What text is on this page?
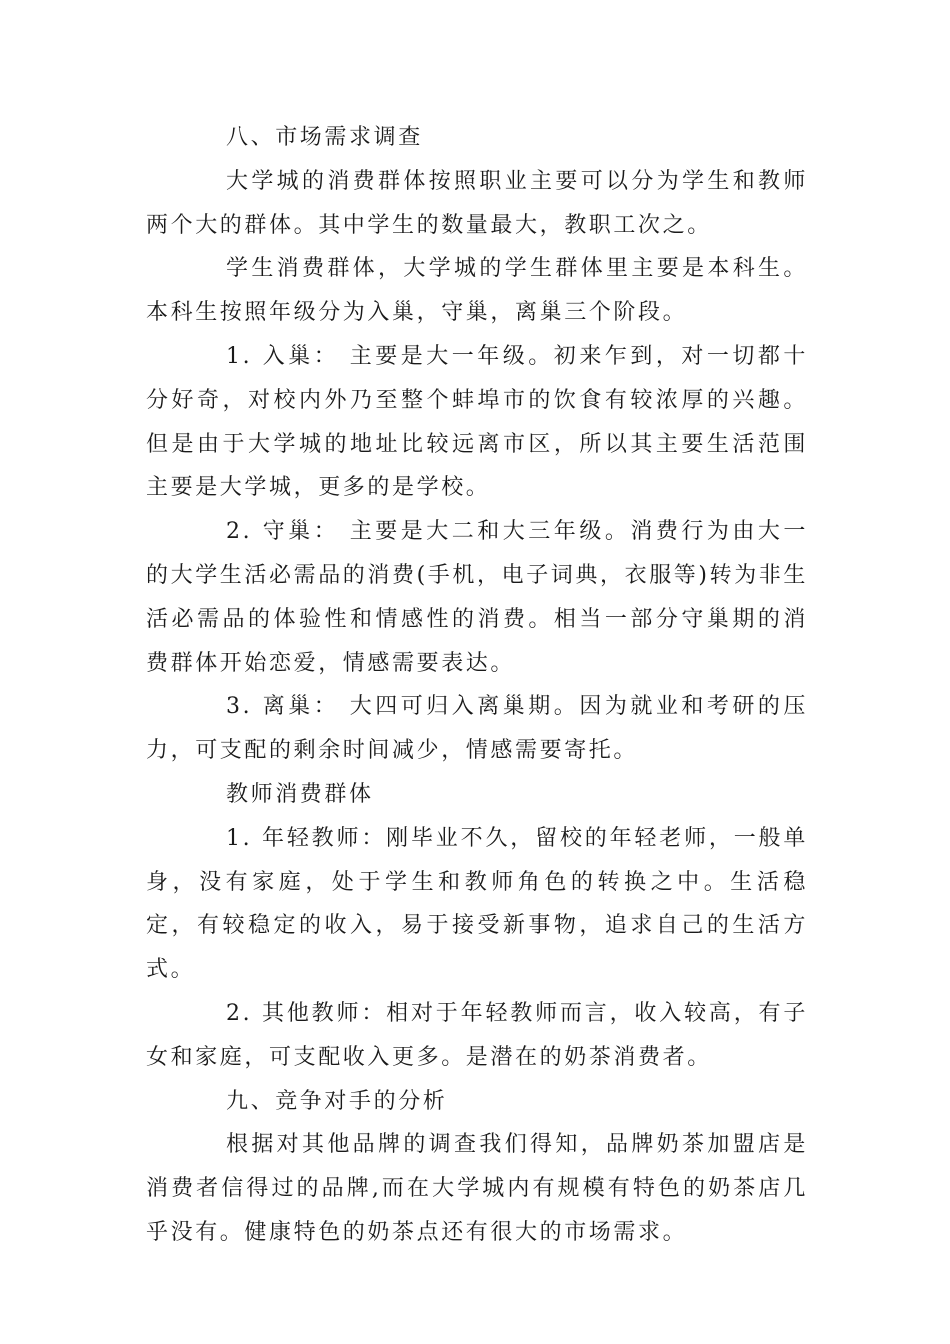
八、市场需求调查

大学城的消费群体按照职业主要可以分为学生和教师两个大的群体。其中学生的数量最大，教职工次之。

学生消费群体，大学城的学生群体里主要是本科生。本科生按照年级分为入巢，守巢，离巢三个阶段。

1. 入巢： 主要是大一年级。初来乍到，对一切都十分好奇，对校内外乃至整个蚌埠市的饮食有较浓厚的兴趣。但是由于大学城的地址比较远离市区，所以其主要生活范围主要是大学城，更多的是学校。

2. 守巢： 主要是大二和大三年级。消费行为由大一的大学生活必需品的消费(手机，电子词典，衣服等)转为非生活必需品的体验性和情感性的消费。相当一部分守巢期的消费群体开始恋爱，情感需要表达。

3. 离巢： 大四可归入离巢期。因为就业和考研的压力，可支配的剩余时间减少，情感需要寄托。

教师消费群体

1. 年轻教师：刚毕业不久，留校的年轻老师，一般单身，没有家庭，处于学生和教师角色的转换之中。生活稳定，有较稳定的收入，易于接受新事物，追求自己的生活方式。

2. 其他教师：相对于年轻教师而言，收入较高，有子女和家庭，可支配收入更多。是潜在的奶茶消费者。

九、竞争对手的分析

根据对其他品牌的调查我们得知，品牌奶茶加盟店是消费者信得过的品牌,而在大学城内有规模有特色的奶茶店几乎没有。健康特色的奶茶点还有很大的市场需求。
